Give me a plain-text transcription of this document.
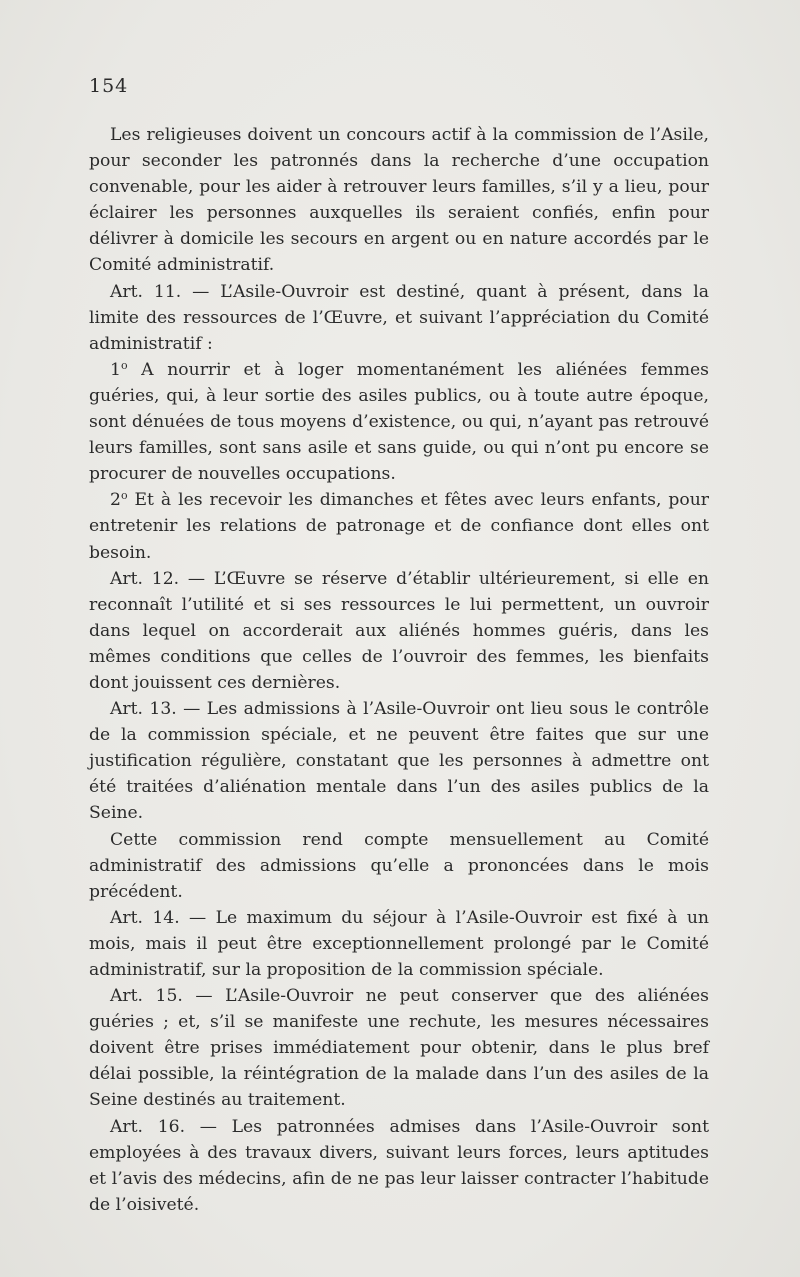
154

Les religieuses doivent un concours actif à la commission de l’Asile, pour seconder les patronnés dans la recherche d’une occupation convenable, pour les aider à retrouver leurs familles, s’il y a lieu, pour éclairer les personnes auxquelles ils seraient confiés, enfin pour délivrer à domicile les secours en argent ou en nature accordés par le Comité administratif.

Art. 11. — L’Asile-Ouvroir est destiné, quant à présent, dans la limite des ressources de l’Œuvre, et suivant l’appréciation du Comité administratif :

1$^o$ A nourrir et à loger momentanément les aliénées femmes guéries, qui, à leur sortie des asiles publics, ou à toute autre époque, sont dénuées de tous moyens d’existence, ou qui, n’ayant pas retrouvé leurs familles, sont sans asile et sans guide, ou qui n’ont pu encore se procurer de nouvelles occupations.

2$^o$ Et à les recevoir les dimanches et fêtes avec leurs enfants, pour entretenir les relations de patronage et de confiance dont elles ont besoin.

Art. 12. — L’Œuvre se réserve d’établir ultérieurement, si elle en reconnaît l’utilité et si ses ressources le lui permettent, un ouvroir dans lequel on accorderait aux aliénés hommes guéris, dans les mêmes conditions que celles de l’ouvroir des femmes, les bienfaits dont jouissent ces dernières.

Art. 13. — Les admissions à l’Asile-Ouvroir ont lieu sous le contrôle de la commission spéciale, et ne peuvent être faites que sur une justification régulière, constatant que les personnes à admettre ont été traitées d’aliénation mentale dans l’un des asiles publics de la Seine.

Cette commission rend compte mensuellement au Comité administratif des admissions qu’elle a prononcées dans le mois précédent.

Art. 14. — Le maximum du séjour à l’Asile-Ouvroir est fixé à un mois, mais il peut être exceptionnellement prolongé par le Comité administratif, sur la proposition de la commission spéciale.

Art. 15. — L’Asile-Ouvroir ne peut conserver que des aliénées guéries ; et, s’il se manifeste une rechute, les mesures nécessaires doivent être prises immédiatement pour obtenir, dans le plus bref délai possible, la réintégration de la malade dans l’un des asiles de la Seine destinés au traitement.

Art. 16. — Les patronnées admises dans l’Asile-Ouvroir sont employées à des travaux divers, suivant leurs forces, leurs aptitudes et l’avis des médecins, afin de ne pas leur laisser contracter l’habitude de l’oisiveté.
